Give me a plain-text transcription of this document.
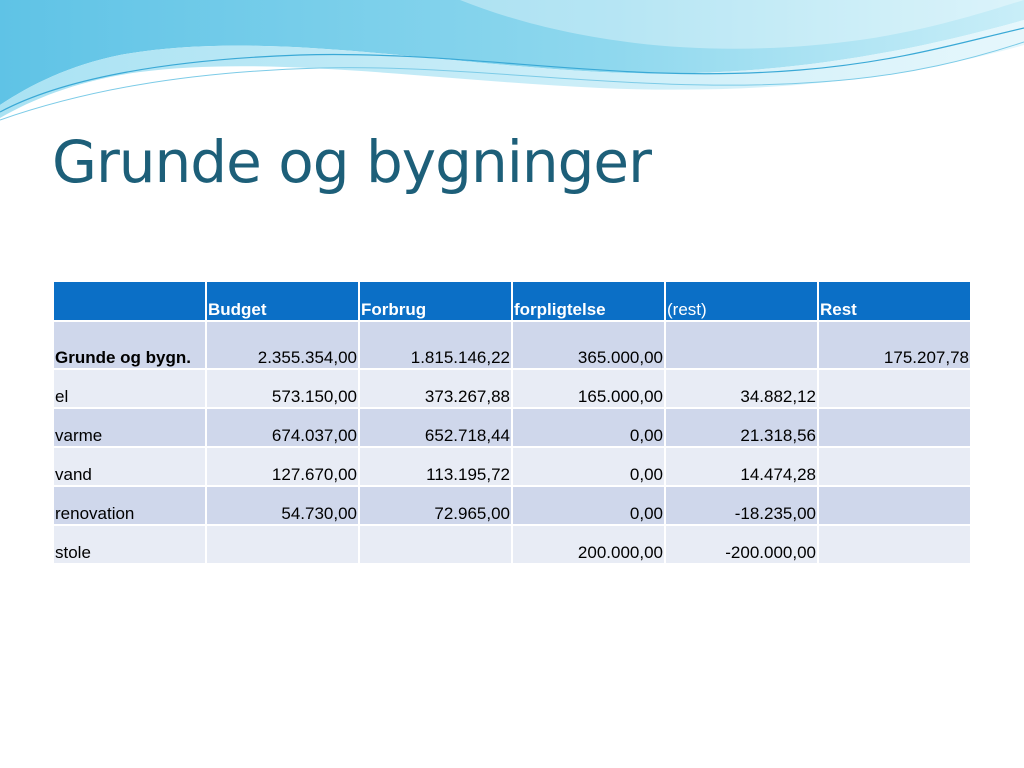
Grunde og bygninger
	Budget	Forbrug	forpligtelse	(rest)	Rest
Grunde og bygn.	2.355.354,00	1.815.146,22	365.000,00		175.207,78
el	573.150,00	373.267,88	165.000,00	34.882,12	
varme	674.037,00	652.718,44	0,00	21.318,56	
vand	127.670,00	113.195,72	0,00	14.474,28	
renovation	54.730,00	72.965,00	0,00	-18.235,00	
stole			200.000,00	-200.000,00	
